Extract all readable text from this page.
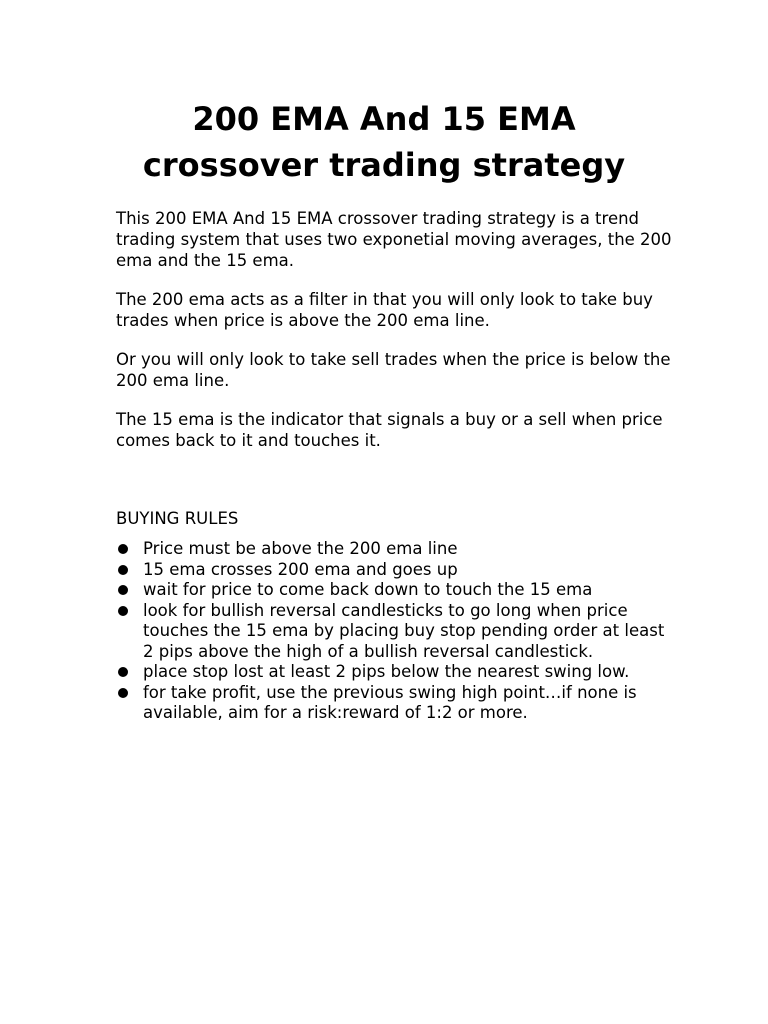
200 EMA And 15 EMA
crossover trading strategy

This 200 EMA And 15 EMA crossover trading strategy is a trend trading system that uses two exponetial moving averages, the 200 ema and the 15 ema.

The 200 ema acts as a filter in that you will only look to take buy trades when price is above the 200 ema line.

Or you will only look to take sell trades when the price is below the 200 ema line.

The 15 ema is the indicator that signals a buy or a sell when price comes back to it and touches it.

BUYING RULES
Price must be above the 200 ema line
15 ema crosses 200 ema and goes up
wait for price to come back down to touch the 15 ema
look for bullish reversal candlesticks to go long when price touches the 15 ema by placing buy stop pending order at least 2 pips above the high of a bullish reversal candlestick.
place stop lost at least 2 pips below the nearest swing low.
for take profit, use the previous swing high point…if none is available, aim for a risk:reward of 1:2 or more.
